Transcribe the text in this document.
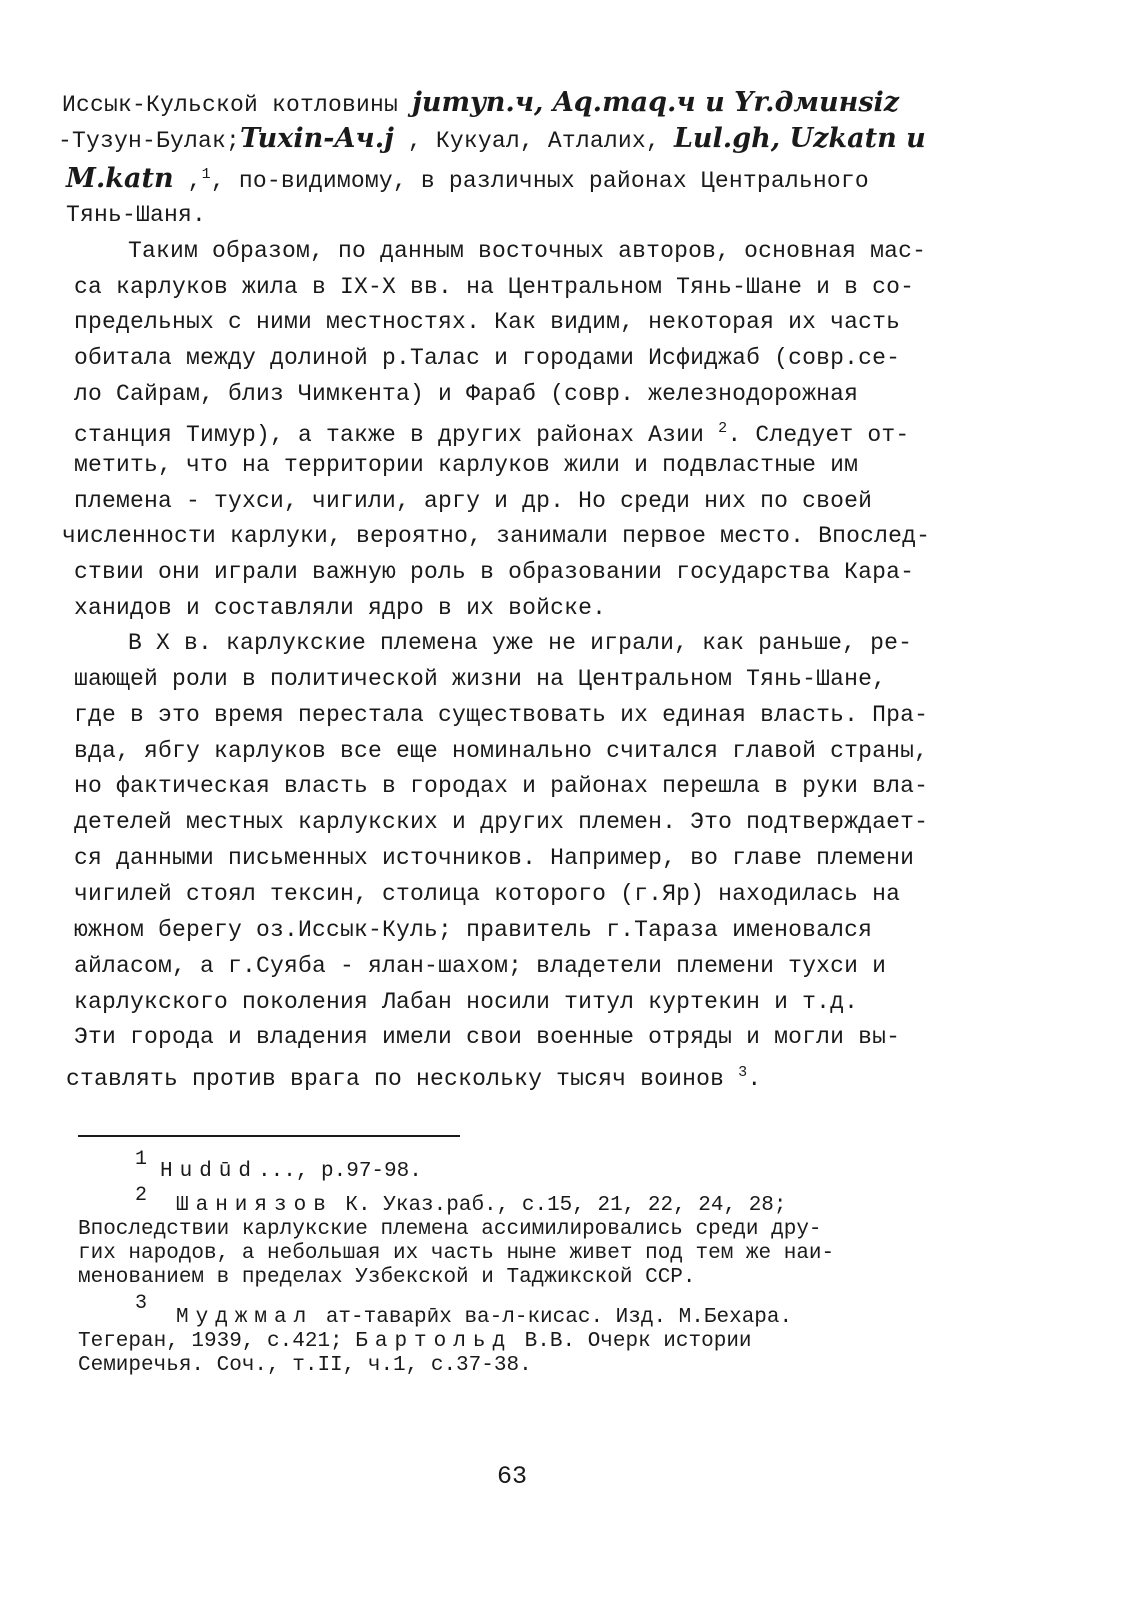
Иссык-Кульской котловины jumyn.ч, Aq.тaq.ч и Yr.дминsiz
-Тузун-Булак;Tuxin-Aч.j , Кукуал, Атлалих, Lul.gh, Uzkatn и
M.katn ,$^1$, по-видимому, в различных районах Центрального
Тянь-Шаня.
Таким образом, по данным восточных авторов, основная мас-
са карлуков жила в IX-X вв. на Центральном Тянь-Шане и в со-
предельных с ними местностях. Как видим, некоторая их часть
обитала между долиной р.Талас и городами Исфиджаб (совр.се-
ло Сайрам, близ Чимкента) и Фараб (совр. железнодорожная
станция Тимур), а также в других районах Азии $^2$. Следует от-
метить, что на территории карлуков жили и подвластные им
племена - тухси, чигили, аргу и др. Но среди них по своей
численности карлуки, вероятно, занимали первое место. Впослед-
ствии они играли важную роль в образовании государства Кара-
ханидов и составляли ядро в их войске.
В X в. карлукские племена уже не играли, как раньше, ре-
шающей роли в политической жизни на Центральном Тянь-Шане,
где в это время перестала существовать их единая власть. Пра-
вда, ябгу карлуков все еще номинально считался главой страны,
но фактическая власть в городах и районах перешла в руки вла-
детелей местных карлукских и других племен. Это подтверждает-
ся данными письменных источников. Например, во главе племени
чигилей стоял тексин, столица которого (г.Яр) находилась на
южном берегу оз.Иссык-Куль; правитель г.Тараза именовался
айласом, а г.Суяба - ялан-шахом; владетели племени тухси и
карлукского поколения Лабан носили титул куртекин и т.д.
Эти города и владения имели свои военные отряды и могли вы-
ставлять против врага по нескольку тысяч воинов $^3$.
1
Hudūd..., p.97-98.
2 Шаниязов К. Указ.раб., с.15, 21, 22, 24, 28;
Впоследствии карлукские племена ассимилировались среди дру-
гих народов, а небольшая их часть ныне живет под тем же наи-
менованием в пределах Узбекской и Таджикской ССР.
3
Муджмал ат-таварӣх ва-л-кисас. Изд. М.Бехара.
Тегеран, 1939, с.421; Бартольд В.В. Очерк истории
Семиречья. Соч., т.II, ч.1, с.37-38.
63
